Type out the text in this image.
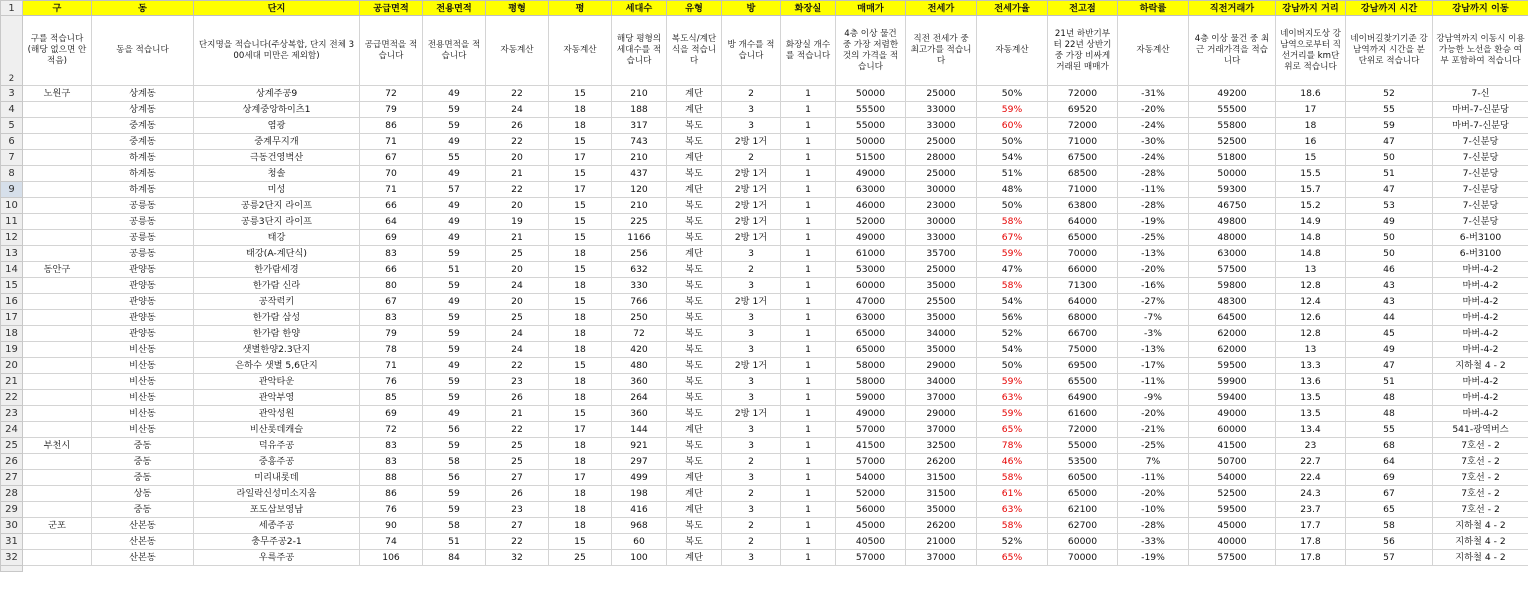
1	구	동	단지	공급면적	전용면적	평형	평	세대수	유형	방	화장실	매매가	전세가	전세가율	전고점	하락률	직전거래가	강남까지 거리	강남까지 시간	강남까지 이동
2	구를 적습니다(해당 없으면 안 적음)	동을 적습니다	단지명을 적습니다(주상복합, 단지 전체 300세대 미만은 제외함)	공급면적을 적습니다	전용면적을 적습니다	자동계산	자동계산	해당 평형의 세대수를 적습니다	복도식/계단식을 적습니다	방 개수를 적습니다	화장실 개수를 적습니다	4층 이상 물건 중 가장 저렴한 것의 가격을 적습니다	직전 전세가 중 최고가를 적습니다	자동계산	21년 하반기부터 22년 상반기 중 가장 비싸게 거래된 매매가	자동계산	4층 이상 물건 중 최근 거래가격을 적습니다	네이버지도상 강남역으로부터 직선거리를 km단위로 적습니다	네이버길찾기기준 강남역까지 시간을 분단위로 적습니다	강남역까지 이동시 이용가능한 노선을 환승 여부 포함하여 적습니다
3	노원구	상계동	상계주공9	72	49	22	15	210	계단	2	1	50000	25000	50%	72000	-31%	49200	18.6	52	7-신
4		상계동	상계중앙하이츠1	79	59	24	18	188	계단	3	1	55500	33000	59%	69520	-20%	55500	17	55	마버-7-신분당
5		중계동	염광	86	59	26	18	317	복도	3	1	55000	33000	60%	72000	-24%	55800	18	59	마버-7-신분당
6		중계동	중계무지개	71	49	22	15	743	복도	2방 1거	1	50000	25000	50%	71000	-30%	52500	16	47	7-신분당
7		하계동	극동건영벽산	67	55	20	17	210	계단	2	1	51500	28000	54%	67500	-24%	51800	15	50	7-신분당
8		하계동	청솔	70	49	21	15	437	복도	2방 1거	1	49000	25000	51%	68500	-28%	50000	15.5	51	7-신분당
9		하계동	미성	71	57	22	17	120	계단	2방 1거	1	63000	30000	48%	71000	-11%	59300	15.7	47	7-신분당
10		공릉동	공릉2단지 라이프	66	49	20	15	210	복도	2방 1거	1	46000	23000	50%	63800	-28%	46750	15.2	53	7-신분당
11		공릉동	공릉3단지 라이프	64	49	19	15	225	복도	2방 1거	1	52000	30000	58%	64000	-19%	49800	14.9	49	7-신분당
12		공릉동	태강	69	49	21	15	1166	복도	2방 1거	1	49000	33000	67%	65000	-25%	48000	14.8	50	6-버3100
13		공릉동	태강(A-계단식)	83	59	25	18	256	계단	3	1	61000	35700	59%	70000	-13%	63000	14.8	50	6-버3100
14	동안구	관양동	한가람세경	66	51	20	15	632	복도	2	1	53000	25000	47%	66000	-20%	57500	13	46	마버-4-2
15		관양동	한가람 신라	80	59	24	18	330	복도	3	1	60000	35000	58%	71300	-16%	59800	12.8	43	마버-4-2
16		관양동	공작럭키	67	49	20	15	766	복도	2방 1거	1	47000	25500	54%	64000	-27%	48300	12.4	43	마버-4-2
17		관양동	한가람 삼성	83	59	25	18	250	복도	3	1	63000	35000	56%	68000	-7%	64500	12.6	44	마버-4-2
18		관양동	한가람 한양	79	59	24	18	72	복도	3	1	65000	34000	52%	66700	-3%	62000	12.8	45	마버-4-2
19		비산동	샛별한양2.3단지	78	59	24	18	420	복도	3	1	65000	35000	54%	75000	-13%	62000	13	49	마버-4-2
20		비산동	은하수 샛별 5,6단지	71	49	22	15	480	복도	2방 1거	1	58000	29000	50%	69500	-17%	59500	13.3	47	지하철 4 - 2
21		비산동	관악타운	76	59	23	18	360	복도	3	1	58000	34000	59%	65500	-11%	59900	13.6	51	마버-4-2
22		비산동	관악부영	85	59	26	18	264	복도	3	1	59000	37000	63%	64900	-9%	59400	13.5	48	마버-4-2
23		비산동	관악성원	69	49	21	15	360	복도	2방 1거	1	49000	29000	59%	61600	-20%	49000	13.5	48	마버-4-2
24		비산동	비산롯데캐슬	72	56	22	17	144	계단	3	1	57000	37000	65%	72000	-21%	60000	13.4	55	541-광역버스
25	부천시	중동	덕유주공	83	59	25	18	921	복도	3	1	41500	32500	78%	55000	-25%	41500	23	68	7호선 - 2
26		중동	중흥주공	83	58	25	18	297	복도	2	1	57000	26200	46%	53500	7%	50700	22.7	64	7호선 - 2
27		중동	미리내롯데	88	56	27	17	499	계단	3	1	54000	31500	58%	60500	-11%	54000	22.4	69	7호선 - 2
28		상동	라일락신성미소지움	86	59	26	18	198	계단	2	1	52000	31500	61%	65000	-20%	52500	24.3	67	7호선 - 2
29		중동	포도삼보영남	76	59	23	18	416	계단	3	1	56000	35000	63%	62100	-10%	59500	23.7	65	7호선 - 2
30	군포	산본동	세종주공	90	58	27	18	968	복도	2	1	45000	26200	58%	62700	-28%	45000	17.7	58	지하철 4 - 2
31		산본동	충무주공2-1	74	51	22	15	60	복도	2	1	40500	21000	52%	60000	-33%	40000	17.8	56	지하철 4 - 2
32		산본동	우륵주공	106	84	32	25	100	계단	3	1	57000	37000	65%	70000	-19%	57500	17.8	57	지하철 4 - 2
